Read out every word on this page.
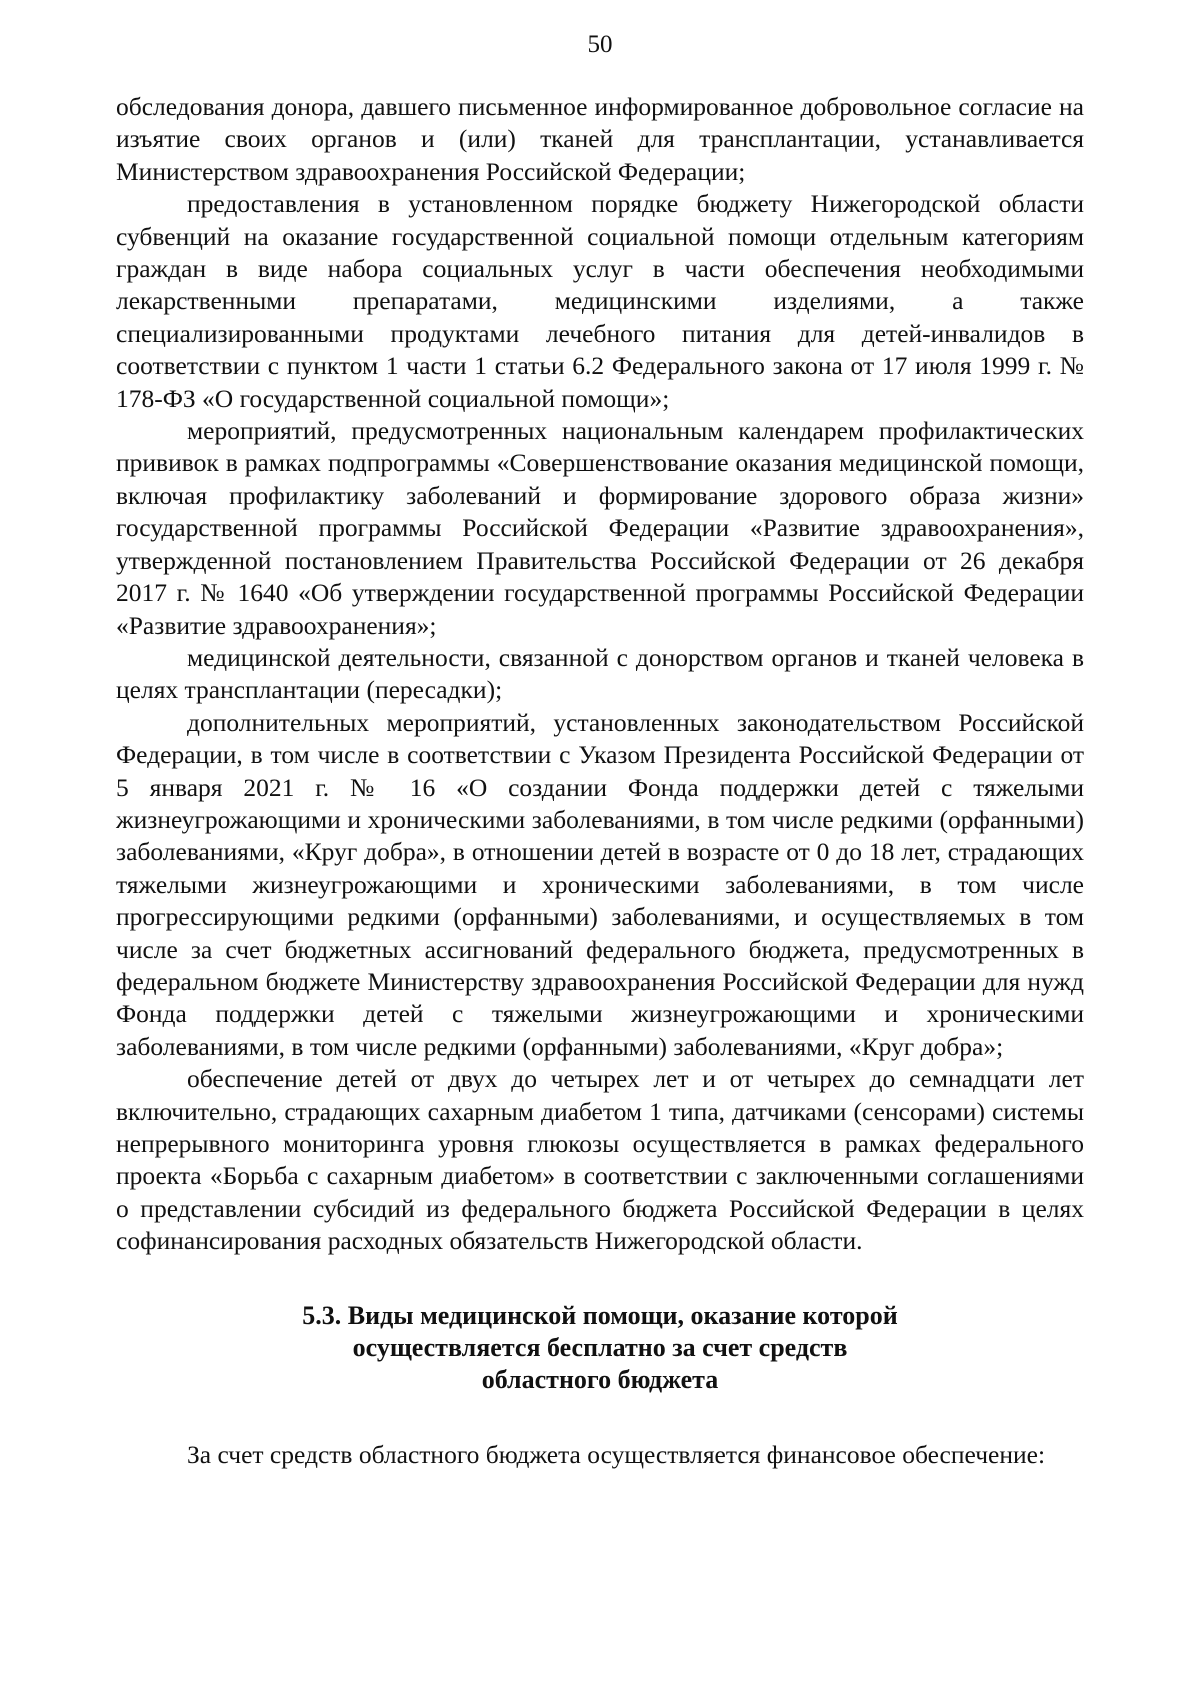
50

обследования донора, давшего письменное информированное добровольное согласие на изъятие своих органов и (или) тканей для трансплантации, устанавливается Министерством здравоохранения Российской Федерации;

предоставления в установленном порядке бюджету Нижегородской области субвенций на оказание государственной социальной помощи отдельным категориям граждан в виде набора социальных услуг в части обеспечения необходимыми лекарственными препаратами, медицинскими изделиями, а также специализированными продуктами лечебного питания для детей-инвалидов в соответствии с пунктом 1 части 1 статьи 6.2 Федерального закона от 17 июля 1999 г. № 178-ФЗ «О государственной социальной помощи»;

мероприятий, предусмотренных национальным календарем профилактических прививок в рамках подпрограммы «Совершенствование оказания медицинской помощи, включая профилактику заболеваний и формирование здорового образа жизни» государственной программы Российской Федерации «Развитие здравоохранения», утвержденной постановлением Правительства Российской Федерации от 26 декабря 2017 г. № 1640 «Об утверждении государственной программы Российской Федерации «Развитие здравоохранения»;

медицинской деятельности, связанной с донорством органов и тканей человека в целях трансплантации (пересадки);

дополнительных мероприятий, установленных законодательством Российской Федерации, в том числе в соответствии с Указом Президента Российской Федерации от 5 января 2021 г. № 16 «О создании Фонда поддержки детей с тяжелыми жизнеугрожающими и хроническими заболеваниями, в том числе редкими (орфанными) заболеваниями, «Круг добра», в отношении детей в возрасте от 0 до 18 лет, страдающих тяжелыми жизнеугрожающими и хроническими заболеваниями, в том числе прогрессирующими редкими (орфанными) заболеваниями, и осуществляемых в том числе за счет бюджетных ассигнований федерального бюджета, предусмотренных в федеральном бюджете Министерству здравоохранения Российской Федерации для нужд Фонда поддержки детей с тяжелыми жизнеугрожающими и хроническими заболеваниями, в том числе редкими (орфанными) заболеваниями, «Круг добра»;

обеспечение детей от двух до четырех лет и от четырех до семнадцати лет включительно, страдающих сахарным диабетом 1 типа, датчиками (сенсорами) системы непрерывного мониторинга уровня глюкозы осуществляется в рамках федерального проекта «Борьба с сахарным диабетом» в соответствии с заключенными соглашениями о представлении субсидий из федерального бюджета Российской Федерации в целях софинансирования расходных обязательств Нижегородской области.

5.3. Виды медицинской помощи, оказание которой
осуществляется бесплатно за счет средств
областного бюджета

За счет средств областного бюджета осуществляется финансовое обеспечение:
